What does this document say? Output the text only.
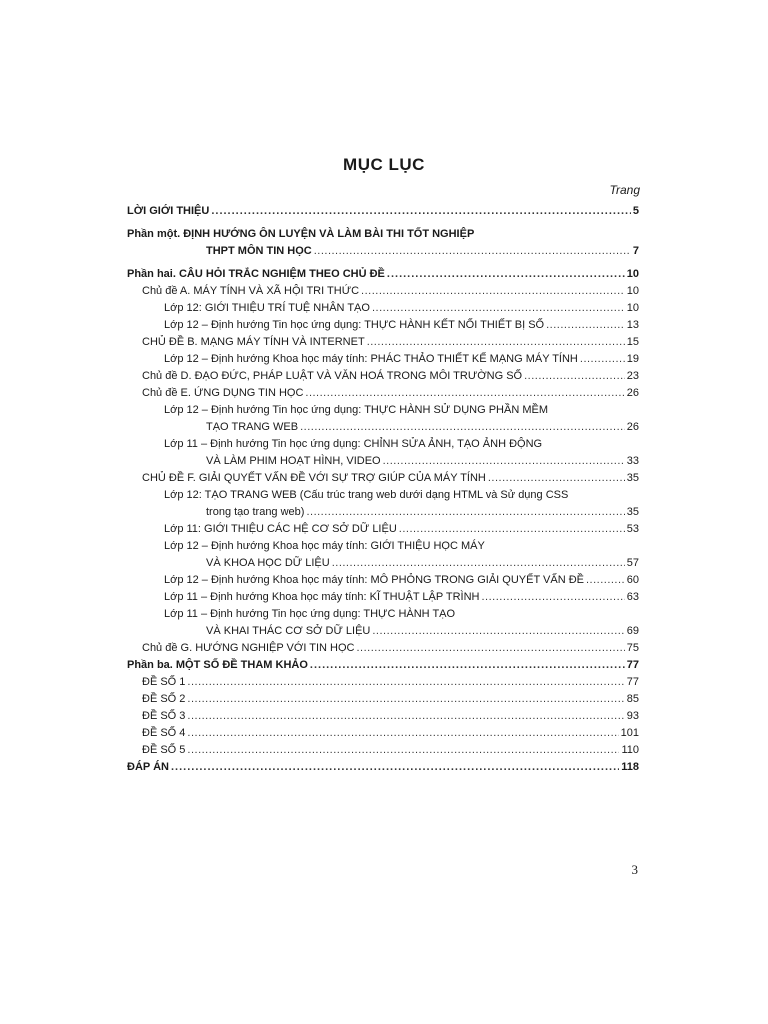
MỤC LỤC
Trang
LỜI GIỚI THIỆU .....	5
Phần một. ĐỊNH HƯỚNG ÔN LUYỆN VÀ LÀM BÀI THI TỐT NGHIỆP
THPT MÔN TIN HỌC .....	7
Phần hai. CÂU HỎI TRẮC NGHIỆM THEO CHỦ ĐỀ .....	10
Chủ đề A. MÁY TÍNH VÀ XÃ HỘI TRI THỨC .....	10
Lớp 12: GIỚI THIỆU TRÍ TUỆ NHÂN TẠO .....	10
Lớp 12 – Định hướng Tin học ứng dụng: THỰC HÀNH KẾT NỐI THIẾT BỊ SỐ .....	13
CHỦ ĐỀ B. MẠNG MÁY TÍNH VÀ INTERNET .....	15
Lớp 12 – Định hướng Khoa học máy tính: PHÁC THẢO THIẾT KẾ MẠNG MÁY TÍNH .....	19
Chủ đề D. ĐẠO ĐỨC, PHÁP LUẬT VÀ VĂN HOÁ TRONG MÔI TRƯỜNG SỐ .....	23
Chủ đề E. ỨNG DỤNG TIN HỌC .....	26
Lớp 12 – Định hướng Tin học ứng dụng: THỰC HÀNH SỬ DỤNG PHẦN MỀM
TẠO TRANG WEB .....	26
Lớp 11 – Định hướng Tin học ứng dụng: CHỈNH SỬA ẢNH, TẠO ẢNH ĐỘNG
VÀ LÀM PHIM HOẠT HÌNH, VIDEO .....	33
CHỦ ĐỀ F. GIẢI QUYẾT VẤN ĐỀ VỚI SỰ TRỢ GIÚP CỦA MÁY TÍNH .....	35
Lớp 12: TẠO TRANG WEB (Cấu trúc trang web dưới dạng HTML và Sử dụng CSS
trong tạo trang web) .....	35
Lớp 11: GIỚI THIỆU CÁC HỆ CƠ SỞ DỮ LIỆU .....	53
Lớp 12 – Định hướng Khoa học máy tính: GIỚI THIỆU HỌC MÁY
VÀ KHOA HỌC DỮ LIỆU .....	57
Lớp 12 – Định hướng Khoa học máy tính: MÔ PHỎNG TRONG GIẢI QUYẾT VẤN ĐỀ .....	60
Lớp 11 – Định hướng Khoa học máy tính: KĨ THUẬT LẬP TRÌNH .....	63
Lớp 11 – Định hướng Tin học ứng dụng: THỰC HÀNH TẠO
VÀ KHAI THÁC CƠ SỞ DỮ LIỆU .....	69
Chủ đề G. HƯỚNG NGHIỆP VỚI TIN HỌC .....	75
Phần ba. MỘT SỐ ĐỀ THAM KHẢO .....	77
ĐỀ SỐ 1 .....	77
ĐỀ SỐ 2 .....	85
ĐỀ SỐ 3 .....	93
ĐỀ SỐ 4 .....	101
ĐỀ SỐ 5 .....	110
ĐÁP ÁN .....	118
3
